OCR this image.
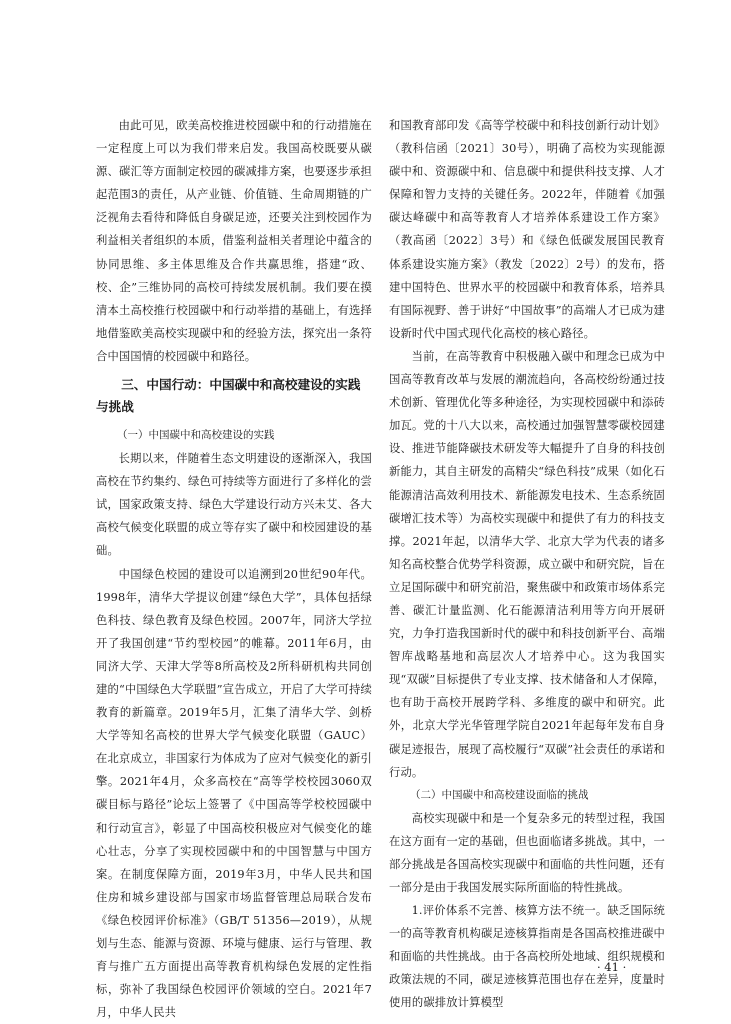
由此可见，欧美高校推进校园碳中和的行动措施在一定程度上可以为我们带来启发。我国高校既要从碳源、碳汇等方面制定校园的碳减排方案，也要逐步承担起范围3的责任，从产业链、价值链、生命周期链的广泛视角去看待和降低自身碳足迹，还要关注到校园作为利益相关者组织的本质，借鉴利益相关者理论中蕴含的协同思维、多主体思维及合作共赢思维，搭建“政、校、企”三维协同的高校可持续发展机制。我们要在摸清本土高校推行校园碳中和行动举措的基础上，有选择地借鉴欧美高校实现碳中和的经验方法，探究出一条符合中国国情的校园碳中和路径。

三、中国行动：中国碳中和高校建设的实践与挑战
（一）中国碳中和高校建设的实践

长期以来，伴随着生态文明建设的逐渐深入，我国高校在节约集约、绿色可持续等方面进行了多样化的尝试，国家政策支持、绿色大学建设行动方兴未艾、各大高校气候变化联盟的成立等存实了碳中和校园建设的基础。

中国绿色校园的建设可以追溯到20世纪90年代。1998年，清华大学提议创建“绿色大学”，具体包括绿色科技、绿色教育及绿色校园。2007年，同济大学拉开了我国创建“节约型校园”的帷幕。2011年6月，由同济大学、天津大学等8所高校及2所科研机构共同创建的“中国绿色大学联盟”宣告成立，开启了大学可持续教育的新篇章。2019年5月，汇集了清华大学、剑桥大学等知名高校的世界大学气候变化联盟（GAUC）在北京成立，非国家行为体成为了应对气候变化的新引擎。2021年4月，众多高校在“高等学校校园3060双碳目标与路径”论坛上签署了《中国高等学校校园碳中和行动宣言》，彰显了中国高校积极应对气候变化的雄心壮志，分享了实现校园碳中和的中国智慧与中国方案。在制度保障方面，2019年3月，中华人民共和国住房和城乡建设部与国家市场监督管理总局联合发布《绿色校园评价标准》（GB/T 51356—2019），从规划与生态、能源与资源、环境与健康、运行与管理、教育与推广五方面提出高等教育机构绿色发展的定性指标，弥补了我国绿色校园评价领域的空白。2021年7月，中华人民共

和国教育部印发《高等学校碳中和科技创新行动计划》（教科信函〔2021〕30号），明确了高校为实现能源碳中和、资源碳中和、信息碳中和提供科技支撑、人才保障和智力支持的关键任务。2022年，伴随着《加强碳达峰碳中和高等教育人才培养体系建设工作方案》（教高函〔2022〕3号）和《绿色低碳发展国民教育体系建设实施方案》（教发〔2022〕2号）的发布，搭建中国特色、世界水平的校园碳中和教育体系，培养具有国际视野、善于讲好“中国故事”的高端人才已成为建设新时代中国式现代化高校的核心路径。

当前，在高等教育中积极融入碳中和理念已成为中国高等教育改革与发展的潮流趋向，各高校纷纷通过技术创新、管理优化等多种途径，为实现校园碳中和添砖加瓦。党的十八大以来，高校通过加强智慧零碳校园建设、推进节能降碳技术研发等大幅提升了自身的科技创新能力，其自主研发的高精尖“绿色科技”成果（如化石能源清洁高效利用技术、新能源发电技术、生态系统固碳增汇技术等）为高校实现碳中和提供了有力的科技支撑。2021年起，以清华大学、北京大学为代表的诸多知名高校整合优势学科资源，成立碳中和研究院，旨在立足国际碳中和研究前沿，聚焦碳中和政策市场体系完善、碳汇计量监测、化石能源清洁利用等方向开展研究，力争打造我国新时代的碳中和科技创新平台、高端智库战略基地和高层次人才培养中心。这为我国实现“双碳”目标提供了专业支撑、技术储备和人才保障，也有助于高校开展跨学科、多维度的碳中和研究。此外，北京大学光华管理学院自2021年起每年发布自身碳足迹报告，展现了高校履行“双碳”社会责任的承诺和行动。

（二）中国碳中和高校建设面临的挑战

高校实现碳中和是一个复杂多元的转型过程，我国在这方面有一定的基础，但也面临诸多挑战。其中，一部分挑战是各国高校实现碳中和面临的共性问题，还有一部分是由于我国发展实际所面临的特性挑战。

1.评价体系不完善、核算方法不统一。缺乏国际统一的高等教育机构碳足迹核算指南是各国高校推进碳中和面临的共性挑战。由于各高校所处地域、组织规模和政策法规的不同，碳足迹核算范围也存在差异，度量时使用的碳排放计算模型

· 41 ·
